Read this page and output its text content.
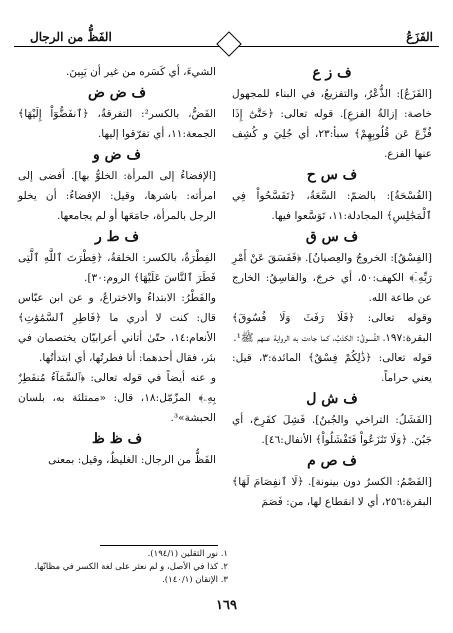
الفَزَعُ
الفَظُّ من الرجال
ف ز ع

[الفَزَعُ]: الذُّعْرُ، والتفزيعُ، في البناء للمجهول خاصة: إزالةُ الفزعِ]. قوله تعالى: ﴿حَتَّىٰٓ إِذَا فُزِّعَ عَن قُلُوبِهِمْ﴾ سبأ:٢٣، أي جُلِيَ و كُشِف عنها الفزع.

ف س ح

[الفُسْحَةُ]: بالضمّ: السَّعَةُ، ﴿تَفَسَّحُواْ فِي ٱلْمَجَٰلِسِ﴾ المجادلة:١١، تَوَسَّعوا فيها.

ف س ق

[الفِسْقُ]: الخروجُ والعِصيانُ]. ﴿فَفَسَقَ عَنْ أَمْرِ رَبِّهِۦٓ﴾ الكهف:٥٠، أي خرجَ، والفاسِقُ: الخارج عن طاعة الله.

وقوله تعالى: ﴿فَلَا رَفَثَ وَلَا فُسُوقَ﴾ البقرة:١٩٧، الفُسوقُ: الكذبُ، كما جاءت به الرواية عنهم ﷺ¹.

قوله تعالى: ﴿ذَٰلِكُمْ فِسْقٌ﴾ المائدة:٣، قيل: يعني حراماً.

ف ش ل

[الفَشَلُ: التراخي والجُبنُ]. فَشِلَ كفَرِحَ، أي جَبُنَ. ﴿وَلَا تَنَٰزَعُواْ فَتَفْشَلُواْ﴾ الأنفال:٤٦].

ف ص م

[الفَصْمُ: الكسرُ دون بينونة]. ﴿لَا ٱنفِصَامَ لَهَا﴾ البقرة:٢٥٦، أي لا انقطاع لها، من: فَصَمَ

الشيءَ، أي كَسَره من غير أن يَبِينَ.

ف ض ض

الفَضُّ، بالكسر²: التفرقةُ، ﴿ٱنفَضُّوٓاْ إِلَيْهَا﴾ الجمعة:١١، أي تفرّقوا إليها.

ف ض و

[الإفضاءُ إلى المرأة: الخلوُّ بها]. أفضى إلى امرأته: باشرها، وقيل: الإفضاءُ: أن يخلو الرجل بالمرأة، جامَعَها أو لم يجامعها.

ف ط ر

الفِطْرَةُ، بالكسر: الخلقةُ، ﴿فِطْرَتَ ٱللَّهِ ٱلَّتِى فَطَرَ ٱلنَّاسَ عَلَيْهَا﴾ الروم:٣٠].

والفَطْرُ: الابتداءُ والاختراعُ، و عن ابن عبّاس قال: كنت لا أدري ما ﴿فَاطِرِ ٱلسَّمَٰوَٰتِ﴾ الأنعام:١٤، حتّىٰ أتاني أعرابيّان يختصمان في بئر، فقال أحدهما: أنا فطرتُها، أي ابتدأتُها.

و عنه أيضاً في قوله تعالى: ﴿ٱلسَّمَآءُ مُنفَطِرٌۢ بِهِۦ﴾ المزّمّل:١٨، قال: «ممتلئة به، بلسان الحبشة»³.

ف ظ ظ

الفَظُّ من الرجال: الغليظُ، وقيل: بمعنى

١. نور الثقلين (١٩٤/١).
٢. كذا في الأصل، و لم نعثر على لغة الكسر في مظانّها.
٣. الإتقان (١٤٠/١).
١٦٩
